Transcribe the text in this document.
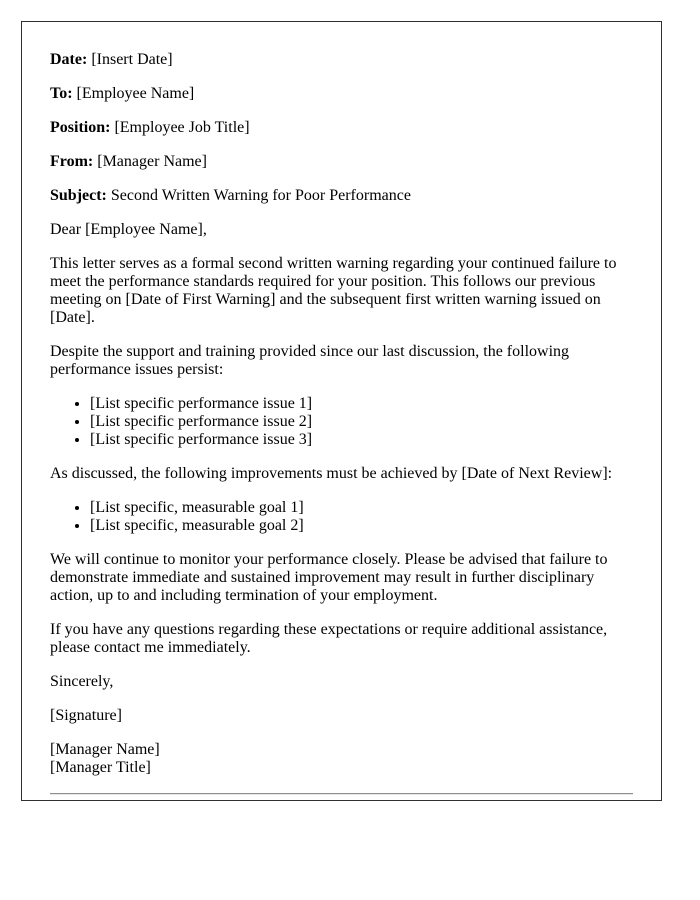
Date: [Insert Date]

To: [Employee Name]

Position: [Employee Job Title]

From: [Manager Name]

Subject: Second Written Warning for Poor Performance

Dear [Employee Name],

This letter serves as a formal second written warning regarding your continued failure to meet the performance standards required for your position. This follows our previous meeting on [Date of First Warning] and the subsequent first written warning issued on [Date].

Despite the support and training provided since our last discussion, the following performance issues persist:

• [List specific performance issue 1]
• [List specific performance issue 2]
• [List specific performance issue 3]

As discussed, the following improvements must be achieved by [Date of Next Review]:

• [List specific, measurable goal 1]
• [List specific, measurable goal 2]

We will continue to monitor your performance closely. Please be advised that failure to demonstrate immediate and sustained improvement may result in further disciplinary action, up to and including termination of your employment.

If you have any questions regarding these expectations or require additional assistance, please contact me immediately.

Sincerely,

[Signature]

[Manager Name]
[Manager Title]
